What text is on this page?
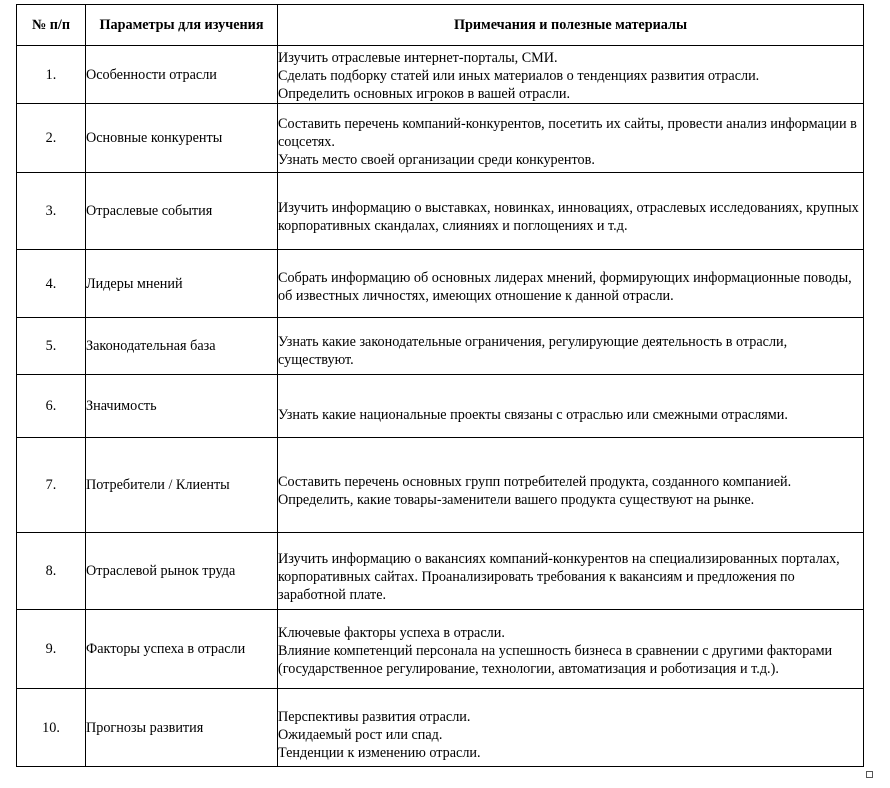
№ п/п	Параметры для изучения	Примечания и полезные материалы
1.	Особенности отрасли	Изучить отраслевые интернет-порталы, СМИ.
Сделать подборку статей или иных материалов о тенденциях развития отрасли.
Определить основных игроков в вашей отрасли.

2.	Основные конкуренты	Составить перечень компаний-конкурентов, посетить их сайты, провести анализ информации в соцсетях.
Узнать место своей организации среди конкурентов.

3.	Отраслевые события	Изучить информацию о выставках, новинках, инновациях, отраслевых исследованиях, крупных корпоративных скандалах, слияниях и поглощениях и т.д.

4.	Лидеры мнений	Собрать информацию об основных лидерах мнений, формирующих информационные поводы, об известных личностях, имеющих отношение к данной отрасли.

5.	Законодательная база	Узнать какие законодательные ограничения, регулирующие деятельность в отрасли, существуют.

6.	Значимость	Узнать какие национальные проекты связаны с отраслью или смежными отраслями.

7.	Потребители / Клиенты	Составить перечень основных групп потребителей продукта, созданного компанией.
Определить, какие товары-заменители вашего продукта существуют на рынке.

8.	Отраслевой рынок труда	Изучить информацию о вакансиях компаний-конкурентов на специализированных порталах, корпоративных сайтах. Проанализировать требования к вакансиям и предложения по заработной плате.

9.	Факторы успеха в отрасли	Ключевые факторы успеха в отрасли.
Влияние компетенций персонала на успешность бизнеса в сравнении с другими факторами (государственное регулирование, технологии, автоматизация и роботизация и т.д.).

10.	Прогнозы развития	Перспективы развития отрасли.
Ожидаемый рост или спад.
Тенденции к изменению отрасли.
